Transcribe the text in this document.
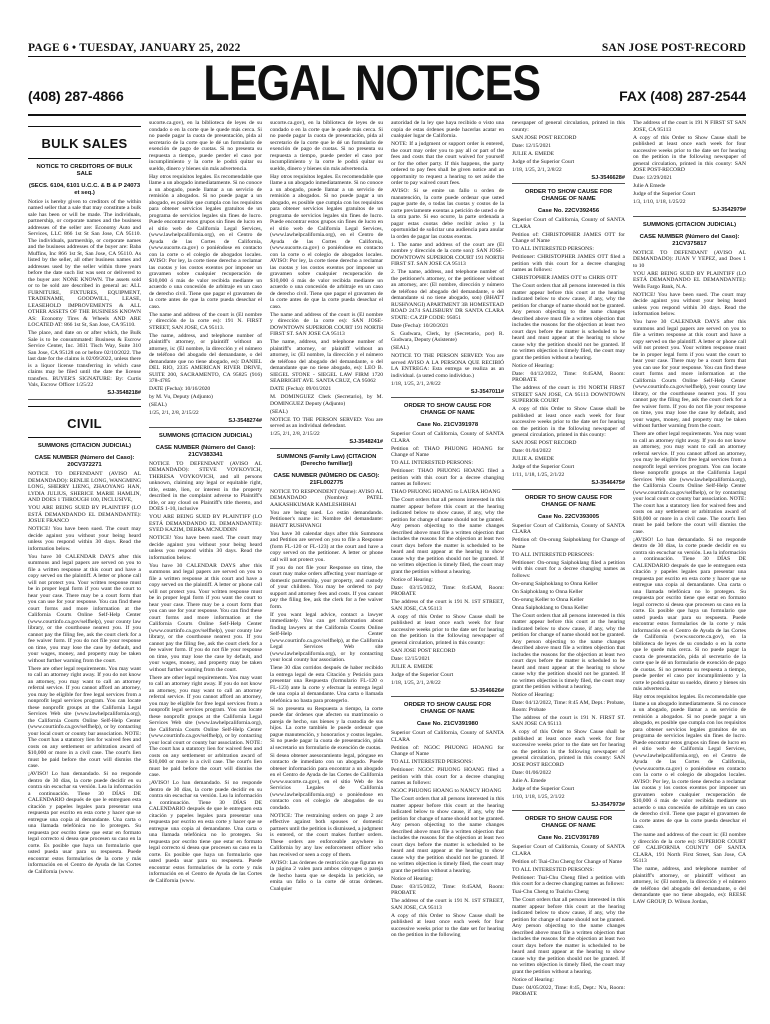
PAGE 6 • TUESDAY, JANUARY 25, 2022	SAN JOSE POST-RECORD
(408) 287-4866 LEGAL NOTICES	FAX (408) 287-2544
BULK SALES
NOTICE TO CREDITORS OF BULK SALE
(SECS. 6104, 6101 U.C.C. & B & P 24073 et seq.)

Notice is hereby given to creditors of the within named seller that a sale that may constitute a bulk sale has been or will be made. The individuals, partnership, or corporate names and the business addresses of the seller are: Economy Auto and Services, LLC 866 1st St San Jose, CA 95110. The individuals, partnership, or corporate names and the business addresses of the buyer are: Baba Muffins, Inc 866 1st St, San Jose, CA 95110. As listed by the seller, all other business names and addresses used by the seller within three years before the date such list was sent or delivered to the buyer are: NONE KNOWN. The assets sold or to be sold are described in general as: ALL FURNITURE, FIXTURES, EQUIPMENT, TRADENAME, GOODWILL, LEASE, LEASEHOLD IMPROVEMENTS & ALL OTHER ASSETS OF THE BUSINESS KNOWN AS: Economy Tires & Wheels AND ARE LOCATED AT: 866 1st St, San Jose, CA 95110.

The place, and date on or after which, the Bulk Sale is to be consummated: Business & Escrow Service Center, Inc. 3031 Tisch Way, Suite 310 San Jose, CA 95128 on or before 02/10/2022. The last date for the claims is 02/09/2022, unless there is a liquor license transferring in which case claims may be filed until the date the license transfers. BUYER'S SIGNATURE: By: Curtis Vals, Escrow Officer 1/25/22

SJ-3548218#
CIVIL
SUMMONS (CITACION JUDICIAL)
CASE NUMBER (Número del Caso): 20CV372271

NOTICE TO DEFENDANT (AVISO AL DEMANDADO): RENLIE LONG, WANGMING LONG, SHERRY LIENG, ZHAOYANG HAN, LYDIA JULIUS, SHERICE MARIE HAMLIN, AND DOES 1 THROUGH 100, INCLUSIVE,

YOU ARE BEING SUED BY PLAINTIFF (LO ESTÁ DEMANDANDO EL DEMANDANTE): JOSUE FRANCO

NOTICE! You have been sued. The court may decide against you without your being heard unless you respond within 30 days. Read the information below.

You have 30 CALENDAR DAYS after this summons and legal papers are served on you to file a written response at this court and have a copy served on the plaintiff. A letter or phone call will not protect you. Your written response must be in proper legal form if you want the court to hear your case. There may be a court form that you can use for your response. You can find these court forms and more information at the California Courts Online Self-Help Center (www.courtinfo.ca.gov/selfhelp), your county law library, or the courthouse nearest you. If you cannot pay the filing fee, ask the court clerk for a fee waiver form. If you do not file your response on time, you may lose the case by default, and your wages, money, and property may be taken without further warning from the court.

There are other legal requirements. You may want to call an attorney right away. If you do not know an attorney, you may want to call an attorney referral service. If you cannot afford an attorney, you may be eligible for free legal services from a nonprofit legal services program. You can locate these nonprofit groups at the California Legal Services Web site (www.lawhelpcalifornia.org), the California Courts Online Self-Help Center (www.courtinfo.ca.gov/selfhelp), or by contacting your local court or county bar association. NOTE: The court has a statutory lien for waived fees and costs on any settlement or arbitration award of $10,000 or more in a civil case. The court's lien must be paid before the court will dismiss the case.

¡AVISO! Lo han demandado. Si no responde dentro de 30 días, la corte puede decidir en su contra sin escuchar su versión. Lea la información a continuación. Tiene 30 DÍAS DE CALENDARIO después de que le entreguen esta citación y papeles legales para presentar una respuesta por escrito en esta corte y hacer que se entregue una copia al demandante. Una carta o una llamada telefónica no lo protegen. Su respuesta por escrito tiene que estar en formato legal correcto si desea que procesen su caso en la corte. Es posible que haya un formulario que usted pueda usar para su respuesta. Puede encontrar estos formularios de la corte y más información en el Centro de Ayuda de las Cortes de California (www.

sucorte.ca.gov), en la biblioteca de leyes de su condado o en la corte que le quede más cerca. Si no puede pagar la cuota de presentación, pida al secretario de la corte que le dé un formulario de exención de pago de cuotas. Si no presenta su respuesta a tiempo, puede perder el caso por incumplimiento y la corte le podrá quitar su sueldo, dinero y bienes sin más advertencia.

Hay otros requisitos legales. Es recomendable que llame a un abogado inmediatamente. Si no conoce a un abogado, puede llamar a un servicio de remisión a abogados. Si no puede pagar a un abogado, es posible que cumpla con los requisitos para obtener servicios legales gratuitos de un programa de servicios legales sin fines de lucro. Puede encontrar estos grupos sin fines de lucro en el sitio web de California Legal Services, (www.lawhelpcalifornia.org), en el Centro de Ayuda de las Cortes de California, (www.sucorte.ca.gov) o poniéndose en contacto con la corte o el colegio de abogados locales. AVISO: Por ley, la corte tiene derecho a reclamar las cuotas y los costos exentos por imponer un gravamen sobre cualquier recuperación de $10,000 ó más de valor recibida mediante un acuerdo o una concesión de arbitraje en un caso de derecho civil. Tiene que pagar el gravamen de la corte antes de que la corte pueda desechar el caso.

The name and address of the court is (El nombre y dirección de la corte es): 191 N. FIRST STREET, SAN JOSE, CA 95113.

The name, address, and telephone number of plaintiff's attorney, or plaintiff without an attorney, is: (El nombre, la dirección y el número de teléfono del abogado del demandante, o del demandante que no tiene abogado, es): DANIEL DEL RIO, 2335 AMERICAN RIVER DRIVE, SUITE 200, SACRAMENTO, CA 95825 (916) 378-4785

DATE (Fecha): 10/16/2020

by M. Vu, Deputy (Adjunto)

(SEAL)

1/25, 2/1, 2/8, 2/15/22

SJ-3548274#
SUMMONS (CITACION JUDICIAL)
CASE NUMBER (Número del Caso): 21CV383341

NOTICE TO DEFENDANT (AVISO AL DEMANDADO): STEVE VOYKOVICH, THERESA VOYKOVICH, and all persons unknown, claiming any legal or equitable right, title, estate, lien, or interest in the property described in the complaint adverse to Plaintiff's title, or any cloud on Plaintiff's title thereto, and DOES 1-10, inclusive

YOU ARE BEING SUED BY PLAINTIFF (LO ESTÁ DEMANDANDO EL DEMANDANTE): SYED KAZIM, DEBRA MCNUDDIN

NOTICE! You have been sued. The court may decide against you without your being heard unless you respond within 30 days. Read the information below.

You have 30 CALENDAR DAYS after this summons and legal papers are served on you to file a written response at this court and have a copy served on the plaintiff. A letter or phone call will not protect you. Your written response must be in proper legal form if you want the court to hear your case. There may be a court form that you can use for your response. You can find these court forms and more information at the California Courts Online Self-Help Center (www.courtinfo.ca.gov/selfhelp), your county law library, or the courthouse nearest you. If you cannot pay the filing fee, ask the court clerk for a fee waiver form. If you do not file your response on time, you may lose the case by default, and your wages, money, and property may be taken without further warning from the court.

There are other legal requirements. You may want to call an attorney right away. If you do not know an attorney, you may want to call an attorney referral service. If you cannot afford an attorney, you may be eligible for free legal services from a nonprofit legal services program. You can locate these nonprofit groups at the California Legal Services Web site (www.lawhelpcalifornia.org), the California Courts Online Self-Help Center (www.courtinfo.ca.gov/selfhelp), or by contacting your local court or county bar association. NOTE: The court has a statutory lien for waived fees and costs on any settlement or arbitration award of $10,000 or more in a civil case. The court's lien must be paid before the court will dismiss the case.

¡AVISO! Lo han demandado. Si no responde dentro de 30 días, la corte puede decidir en su contra sin escuchar su versión. Lea la información a continuación. Tiene 30 DÍAS DE CALENDARIO después de que le entreguen esta citación y papeles legales para presentar una respuesta por escrito en esta corte y hacer que se entregue una copia al demandante. Una carta o una llamada telefónica no lo protegen. Su respuesta por escrito tiene que estar en formato legal correcto si desea que procesen su caso en la corte. Es posible que haya un formulario que usted pueda usar para su respuesta. Puede encontrar estos formularios de la corte y más información en el Centro de Ayuda de las Cortes de California (www.

sucorte.ca.gov), en la biblioteca de leyes de su condado o en la corte que le quede más cerca. Si no puede pagar la cuota de presentación, pida al secretario de la corte que le dé un formulario de exención de pago de cuotas. Si no presenta su respuesta a tiempo, puede perder el caso por incumplimiento y la corte le podrá quitar su sueldo, dinero y bienes sin más advertencia.

Hay otros requisitos legales. Es recomendable que llame a un abogado inmediatamente. Si no conoce a un abogado, puede llamar a un servicio de remisión a abogados. Si no puede pagar a un abogado, es posible que cumpla con los requisitos para obtener servicios legales gratuitos de un programa de servicios legales sin fines de lucro. Puede encontrar estos grupos sin fines de lucro en el sitio web de California Legal Services, (www.lawhelpcalifornia.org), en el Centro de Ayuda de las Cortes de California, (www.sucorte.ca.gov) o poniéndose en contacto con la corte o el colegio de abogados locales. AVISO: Por ley, la corte tiene derecho a reclamar las cuotas y los costos exentos por imponer un gravamen sobre cualquier recuperación de $10,000 ó más de valor recibida mediante un acuerdo o una concesión de arbitraje en un caso de derecho civil. Tiene que pagar el gravamen de la corte antes de que la corte pueda desechar el caso.

The name and address of the court is (El nombre y dirección de la corte es): SAN JOSE-DOWNTOWN SUPERIOR COURT 191 NORTH FIRST ST. SAN JOSE CA 95113

The name, address, and telephone number of plaintiff's attorney, or plaintiff without an attorney, is: (El nombre, la dirección y el número de teléfono del abogado del demandante, o del demandante que no tiene abogado, es): LEO B. SIEGEL STONE - SIEGEL LAW FIRM 1720 SEABRIGHT AVE. SANTA CRUZ, CA 95062

DATE (Fecha): 09/01/2021

M. DOMINGUEZ Clerk (Secretario), by M. DOMINGUEZ Deputy (Adjunto)

(SEAL)

NOTICE TO THE PERSON SERVED: You are served as an individual defendant.

1/25, 2/1, 2/8, 2/15/22

SJ-3548241#
SUMMONS (Family Law) (CITACION (Derecho familiar))
CASE NUMBER (NÚMERO DE CASO): 21FL002775

NOTICE TO RESPONDENT (Name): AVISO AL DEMANDADO (Nombre): PATEL AAKASHKUMAR KAMLESHBHAI

You are being sued. Lo están demandando. Petitioner's name is: Nombre del demandante: BHATT RUSHVANGI

You have 30 calendar days after this Summons and Petition are served on you to file a Response (form FL-120 or FL-123) at the court and have a copy served on the petitioner. A letter or phone call will not protect you.

If you do not file your Response on time, the court may make orders affecting your marriage or domestic partnership, your property, and custody of your children. You may be ordered to pay support and attorney fees and costs. If you cannot pay the filing fee, ask the clerk for a fee waiver form.

If you want legal advice, contact a lawyer immediately. You can get information about finding lawyers at the California Courts Online Self-Help Center (www.courtinfo.ca.gov/selfhelp), at the California Legal Services Web site (www.lawhelpcalifornia.org), or by contacting your local county bar association.

Tiene 30 días corridos después de haber recibido la entrega legal de esta Citación y Petición para presentar una Respuesta (formulario FL-120 o FL-123) ante la corte y efectuar la entrega legal de una copia al demandante. Una carta o llamada telefónica no basta para protegerlo.

Si no presenta su Respuesta a tiempo, la corte puede dar órdenes que afecten su matrimonio o pareja de hecho, sus bienes y la custodia de sus hijos. La corte también le puede ordenar que pague manutención, y honorarios y costos legales. Si no puede pagar la cuota de presentación, pida al secretario un formulario de exención de cuotas.

Si desea obtener asesoramiento legal, póngase en contacto de inmediato con un abogado. Puede obtener información para encontrar a un abogado en el Centro de Ayuda de las Cortes de California (www.sucorte.ca.gov), en el sitio Web de los Servicios Legales de California (www.lawhelpcalifornia.org) o poniéndose en contacto con el colegio de abogados de su condado.

NOTICE: The restraining orders on page 2 are effective against both spouses or domestic partners until the petition is dismissed, a judgment is entered, or the court makes further orders. These orders are enforceable anywhere in California by any law enforcement officer who has received or seen a copy of them.

AVISO: Las órdenes de restricción que figuran en la página 2 valen para ambos cónyuges o pareja de hecho hasta que se despida la petición, se emita un fallo o la corte dé otras órdenes. Cualquier

autoridad de la ley que haya recibido o visto una copia de estas órdenes puede hacerlas acatar en cualquier lugar de California.

NOTE: If a judgment or support order is entered, the court may order you to pay all or part of the fees and costs that the court waived for yourself or for the other party. If this happens, the party ordered to pay fees shall be given notice and an opportunity to request a hearing to set aside the order to pay waived court fees.

AVISO: Si se emite un fallo u orden de manutención, la corte puede ordenar que usted pague parte de, o todas las cuotas y costos de la corte previamente exentas a petición de usted o de la otra parte. Si eso ocurre, la parte ordenada a pagar estas cuotas debe recibir aviso y la oportunidad de solicitar una audiencia para anular la orden de pagar las cuotas exentas.

1. The name and address of the court are (El nombre y dirección de la corte son): SAN JOSE-DOWNTOWN SUPERIOR COURT 191 NORTH FIRST ST. SAN JOSE CA 95113

2. The name, address, and telephone number of the petitioner's attorney, or the petitioner without an attorney, are: (El nombre, dirección y número de teléfono del abogado del demandante, o del demandante si no tiene abogado, son) (BHATT RUSHVANGI) APARTMENT 3B HOMESTEAD ROAD 2474 SALISBURY DR SANTA CLARA STATE: CA ZIP CODE: 95051

Date (Fecha): 10/20/2021

S. Gudwara, Clerk, by (Secretario, por) R. Gudwara, Deputy (Asistente)

(SEAL)

NOTICE TO THE PERSON SERVED: You are served AVISO A LA PERSONA QUE RECIBIÓ LA ENTREGA: Esta entrega se realiza as an individual. (a usted como individuo.)

1/18, 1/25, 2/1, 2/8/22

SJ-3547011#
ORDER TO SHOW CAUSE FOR CHANGE OF NAME
Case No. 21CV391978

Superior Court of California, County of SANTA CLARA

Petition of: THAO PHUONG HOANG for Change of Name

TO ALL INTERESTED PERSONS:

Petitioner: THAO PHUONG HOANG filed a petition with this court for a decree changing names as follows:

THAO PHUONG HOANG to LAURA HOANG

The Court orders that all persons interested in this matter appear before this court at the hearing indicated below to show cause, if any, why the petition for change of name should not be granted. Any person objecting to the name changes described above must file a written objection that includes the reasons for the objection at least two court days before the matter is scheduled to be heard and must appear at the hearing to show cause why the petition should not be granted. If no written objection is timely filed, the court may grant the petition without a hearing.

Notice of Hearing:

Date: 03/15/2022, Time: 8:45AM, Room: PROBATE

The address of the court is 191 N. 1ST STREET, SAN JOSE, CA 95113

A copy of this Order to Show Cause shall be published at least once each week for four successive weeks prior to the date set for hearing on the petition in the following newspaper of general circulation, printed in this county:

SAN JOSE POST RECORD

Date: 12/15/2021

JULIE A. EMEDE

Judge of the Superior Court

1/18, 1/25, 2/1, 2/8/22

SJ-3546626#
ORDER TO SHOW CAUSE FOR CHANGE OF NAME
Case No. 21CV391980

Superior Court of California, County of SANTA CLARA

Petition of: NGOC PHUONG HOANG for Change of Name

TO ALL INTERESTED PERSONS:

Petitioner: NGOC PHUONG HOANG filed a petition with this court for a decree changing names as follows:

NGOC PHUONG HOANG to NANCY HOANG

The Court orders that all persons interested in this matter appear before this court at the hearing indicated below to show cause, if any, why the petition for change of name should not be granted. Any person objecting to the name changes described above must file a written objection that includes the reasons for the objection at least two court days before the matter is scheduled to be heard and must appear at the hearing to show cause why the petition should not be granted. If no written objection is timely filed, the court may grant the petition without a hearing.

Notice of Hearing:

Date: 03/15/2022, Time: 8:45AM, Room: PROBATE

The address of the court is 191 N. 1ST STREET, SAN JOSE, CA 95113

A copy of this Order to Show Cause shall be published at least once each week for four successive weeks prior to the date set for hearing on the petition in the following

newspaper of general circulation, printed in this county:

SAN JOSE POST RECORD

Date: 12/15/2021

JULIE A. EMEDE

Judge of the Superior Court

1/18, 1/25, 2/1, 2/8/22

SJ-3546628#
ORDER TO SHOW CAUSE FOR CHANGE OF NAME
Case No. 22CV392456

Superior Court of California, County of SANTA CLARA

Petition of: CHRISTOPHER JAMES OTT for Change of Name

TO ALL INTERESTED PERSONS:

Petitioner: CHRISTOPHER JAMES OTT filed a petition with this court for a decree changing names as follows:

CHRISTOPHER JAMES OTT to CHRIS OTT

The Court orders that all persons interested in this matter appear before this court at the hearing indicated below to show cause, if any, why the petition for change of name should not be granted. Any person objecting to the name changes described above must file a written objection that includes the reasons for the objection at least two court days before the matter is scheduled to be heard and must appear at the hearing to show cause why the petition should not be granted. If no written objection is timely filed, the court may grant the petition without a hearing.

Notice of Hearing:

Date: 04/12/2022, Time: 8:45AM, Room: PROBATE

The address of the court is 191 NORTH FIRST STREET SAN JOSE, CA 95113 DOWNTOWN SUPERIOR COURT

A copy of this Order to Show Cause shall be published at least once each week for four successive weeks prior to the date set for hearing on the petition in the following newspaper of general circulation, printed in this county:

SAN JOSE POST RECORD

Date: 01/04/2022

JULIE A. EMEDE

Judge of the Superior Court

1/11, 1/18, 1/25, 2/1/22

SJ-3546475#
ORDER TO SHOW CAUSE FOR CHANGE OF NAME
Case No. 22CV393005

Superior Court of California, County of SANTA CLARA

Petition of: On-orung Saiphoklang for Change of Name

TO ALL INTERESTED PERSONS:

Petitioner: On-orung Saiphoklang filed a petition with this court for a decree changing names as follows:

On-orung Saiphoklang to Onna Keller

On Saiphoklang to Onna Keller

On-orung Keller to Onna Keller

Onna Saiphoklang to Onna Keller

The Court orders that all persons interested in this matter appear before this court at the hearing indicated below to show cause, if any, why the petition for change of name should not be granted. Any person objecting to the name changes described above must file a written objection that includes the reasons for the objection at least two court days before the matter is scheduled to be heard and must appear at the hearing to show cause why the petition should not be granted. If no written objection is timely filed, the court may grant the petition without a hearing.

Notice of Hearing:

Date: 04/12/2022, Time: 8:45 AM, Dept.: Probate, Room: Probate

The address of the court is 191 N. FIRST ST. SAN JOSE CA 95113

A copy of this Order to Show Cause shall be published at least once each week for four successive weeks prior to the date set for hearing on the petition in the following newspaper of general circulation, printed in this county: SAN JOSE POST RECORD

Date: 01/06/2022

Julie A. Emede

Judge of the Superior Court

1/10, 1/18, 1/25, 2/1/22

SJ-3547973#
ORDER TO SHOW CAUSE FOR CHANGE OF NAME
Case No. 21CV391789

Superior Court of California, County of SANTA CLARA

Petition of: Tsai-Chu Cheng for Change of Name

TO ALL INTERESTED PERSONS:

Petitioner: Tsai-Chu Cheng filed a petition with this court for a decree changing names as follows:

Tsai-Chu Cheng to Tsaichu Cheng

The Court orders that all persons interested in this matter appear before this court at the hearing indicated below to show cause, if any, why the petition for change of name should not be granted. Any person objecting to the name changes described above must file a written objection that includes the reasons for the objection at least two court days before the matter is scheduled to be heard and must appear at the hearing to show cause why the petition should not be granted. If no written objection is timely filed, the court may grant the petition without a hearing.

Notice of Hearing:

Date: 04/05/2022, Time: 8:45, Dept.: N/a, Room: PROBATE

The address of the court is 191 N FIRST ST SAN JOSE, CA 95113

A copy of this Order to Show Cause shall be published at least once each week for four successive weeks prior to the date set for hearing on the petition in the following newspaper of general circulation, printed in this county: SAN JOSE POST-RECORD

Date: 12/29/2021

Julie A Emede

Judge of the Superior Court

1/3, 1/10, 1/18, 1/25/22

SJ-3542979#
SUMMONS (CITACION JUDICIAL)
CASE NUMBER (Número del Caso): 21CV375817

NOTICE TO DEFENDANT (AVISO AL DEMANDADO): JUAN V YEPEZ, and Does 1 to 10

YOU ARE BEING SUED BY PLAINTIFF (LO ESTÁ DEMANDANDO EL DEMANDANTE): Wells Fargo Bank, N.A.

NOTICE! You have been sued. The court may decide against you without your being heard unless you respond within 30 days. Read the information below.

You have 30 CALENDAR DAYS after this summons and legal papers are served on you to file a written response at this court and have a copy served on the plaintiff. A letter or phone call will not protect you. Your written response must be in proper legal form if you want the court to hear your case. There may be a court form that you can use for your response. You can find these court forms and more information at the California Courts Online Self-Help Center (www.courtinfo.ca.gov/selfhelp), your county law library, or the courthouse nearest you. If you cannot pay the filing fee, ask the court clerk for a fee waiver form. If you do not file your response on time, you may lose the case by default, and your wages, money, and property may be taken without further warning from the court.

There are other legal requirements. You may want to call an attorney right away. If you do not know an attorney, you may want to call an attorney referral service. If you cannot afford an attorney, you may be eligible for free legal services from a nonprofit legal services program. You can locate these nonprofit groups at the California Legal Services Web site (www.lawhelpcalifornia.org), the California Courts Online Self-Help Center (www.courtinfo.ca.gov/selfhelp), or by contacting your local court or county bar association. NOTE: The court has a statutory lien for waived fees and costs on any settlement or arbitration award of $10,000 or more in a civil case. The court's lien must be paid before the court will dismiss the case.

¡AVISO! Lo han demandado. Si no responde dentro de 30 días, la corte puede decidir en su contra sin escuchar su versión. Lea la información a continuación. Tiene 30 DÍAS DE CALENDARIO después de que le entreguen esta citación y papeles legales para presentar una respuesta por escrito en esta corte y hacer que se entregue una copia al demandante. Una carta o una llamada telefónica no lo protegen. Su respuesta por escrito tiene que estar en formato legal correcto si desea que procesen su caso en la corte. Es posible que haya un formulario que usted pueda usar para su respuesta. Puede encontrar estos formularios de la corte y más información en el Centro de Ayuda de las Cortes de California (www.sucorte.ca.gov), en la biblioteca de leyes de su condado o en la corte que le quede más cerca. Si no puede pagar la cuota de presentación, pida al secretario de la corte que le dé un formulario de exención de pago de cuotas. Si no presenta su respuesta a tiempo, puede perder el caso por incumplimiento y la corte le podrá quitar su sueldo, dinero y bienes sin más advertencia.

Hay otros requisitos legales. Es recomendable que llame a un abogado inmediatamente. Si no conoce a un abogado, puede llamar a un servicio de remisión a abogados. Si no puede pagar a un abogado, es posible que cumpla con los requisitos para obtener servicios legales gratuitos de un programa de servicios legales sin fines de lucro. Puede encontrar estos grupos sin fines de lucro en el sitio web de California Legal Services, (www.lawhelpcalifornia.org), en el Centro de Ayuda de las Cortes de California, (www.sucorte.ca.gov) o poniéndose en contacto con la corte o el colegio de abogados locales. AVISO: Por ley, la corte tiene derecho a reclamar las cuotas y los costos exentos por imponer un gravamen sobre cualquier recuperación de $10,000 ó más de valor recibida mediante un acuerdo o una concesión de arbitraje en un caso de derecho civil. Tiene que pagar el gravamen de la corte antes de que la corte pueda desechar el caso.

The name and address of the court is: (El nombre y dirección de la corte es): SUPERIOR COURT OF CALIFORNIA COUNTY OF SANTA CLARA, 191 North First Street, San Jose, CA 95113

The name, address, and telephone number of plaintiff's attorney, or plaintiff without an attorney, is: (El nombre, la dirección y el número de teléfono del abogado del demandante, o del demandante que no tiene abogado, es): REESE LAW GROUP, D. Wilson Jordan,
